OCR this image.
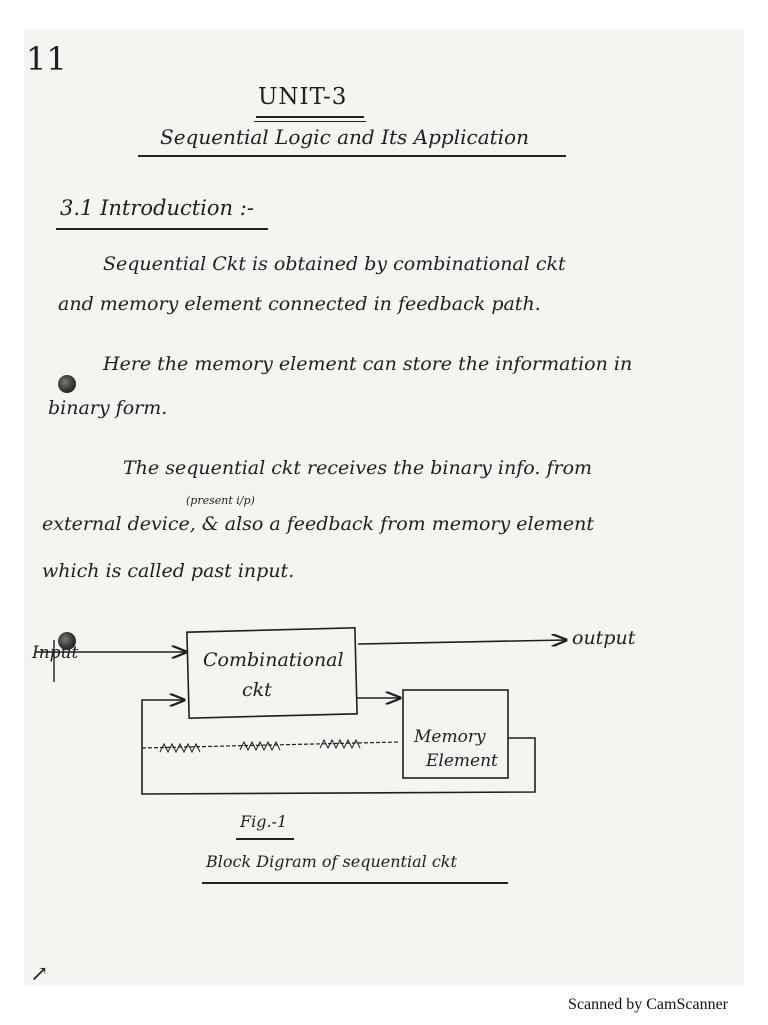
11
UNIT-3
Sequential Logic and Its Application
3.1 Introduction :-
Sequential Ckt is obtained by combinational ckt
and memory element connected in feedback path.
Here the memory element can store the information in
binary form.
The sequential ckt receives the binary info. from
(present i/p)
external device, & also a feedback from memory element
which is called past input.
Input	Combinational
ckt
output
Memory
Element
Fig.-1
Block Digram of sequential ckt
↗
Scanned by CamScanner
